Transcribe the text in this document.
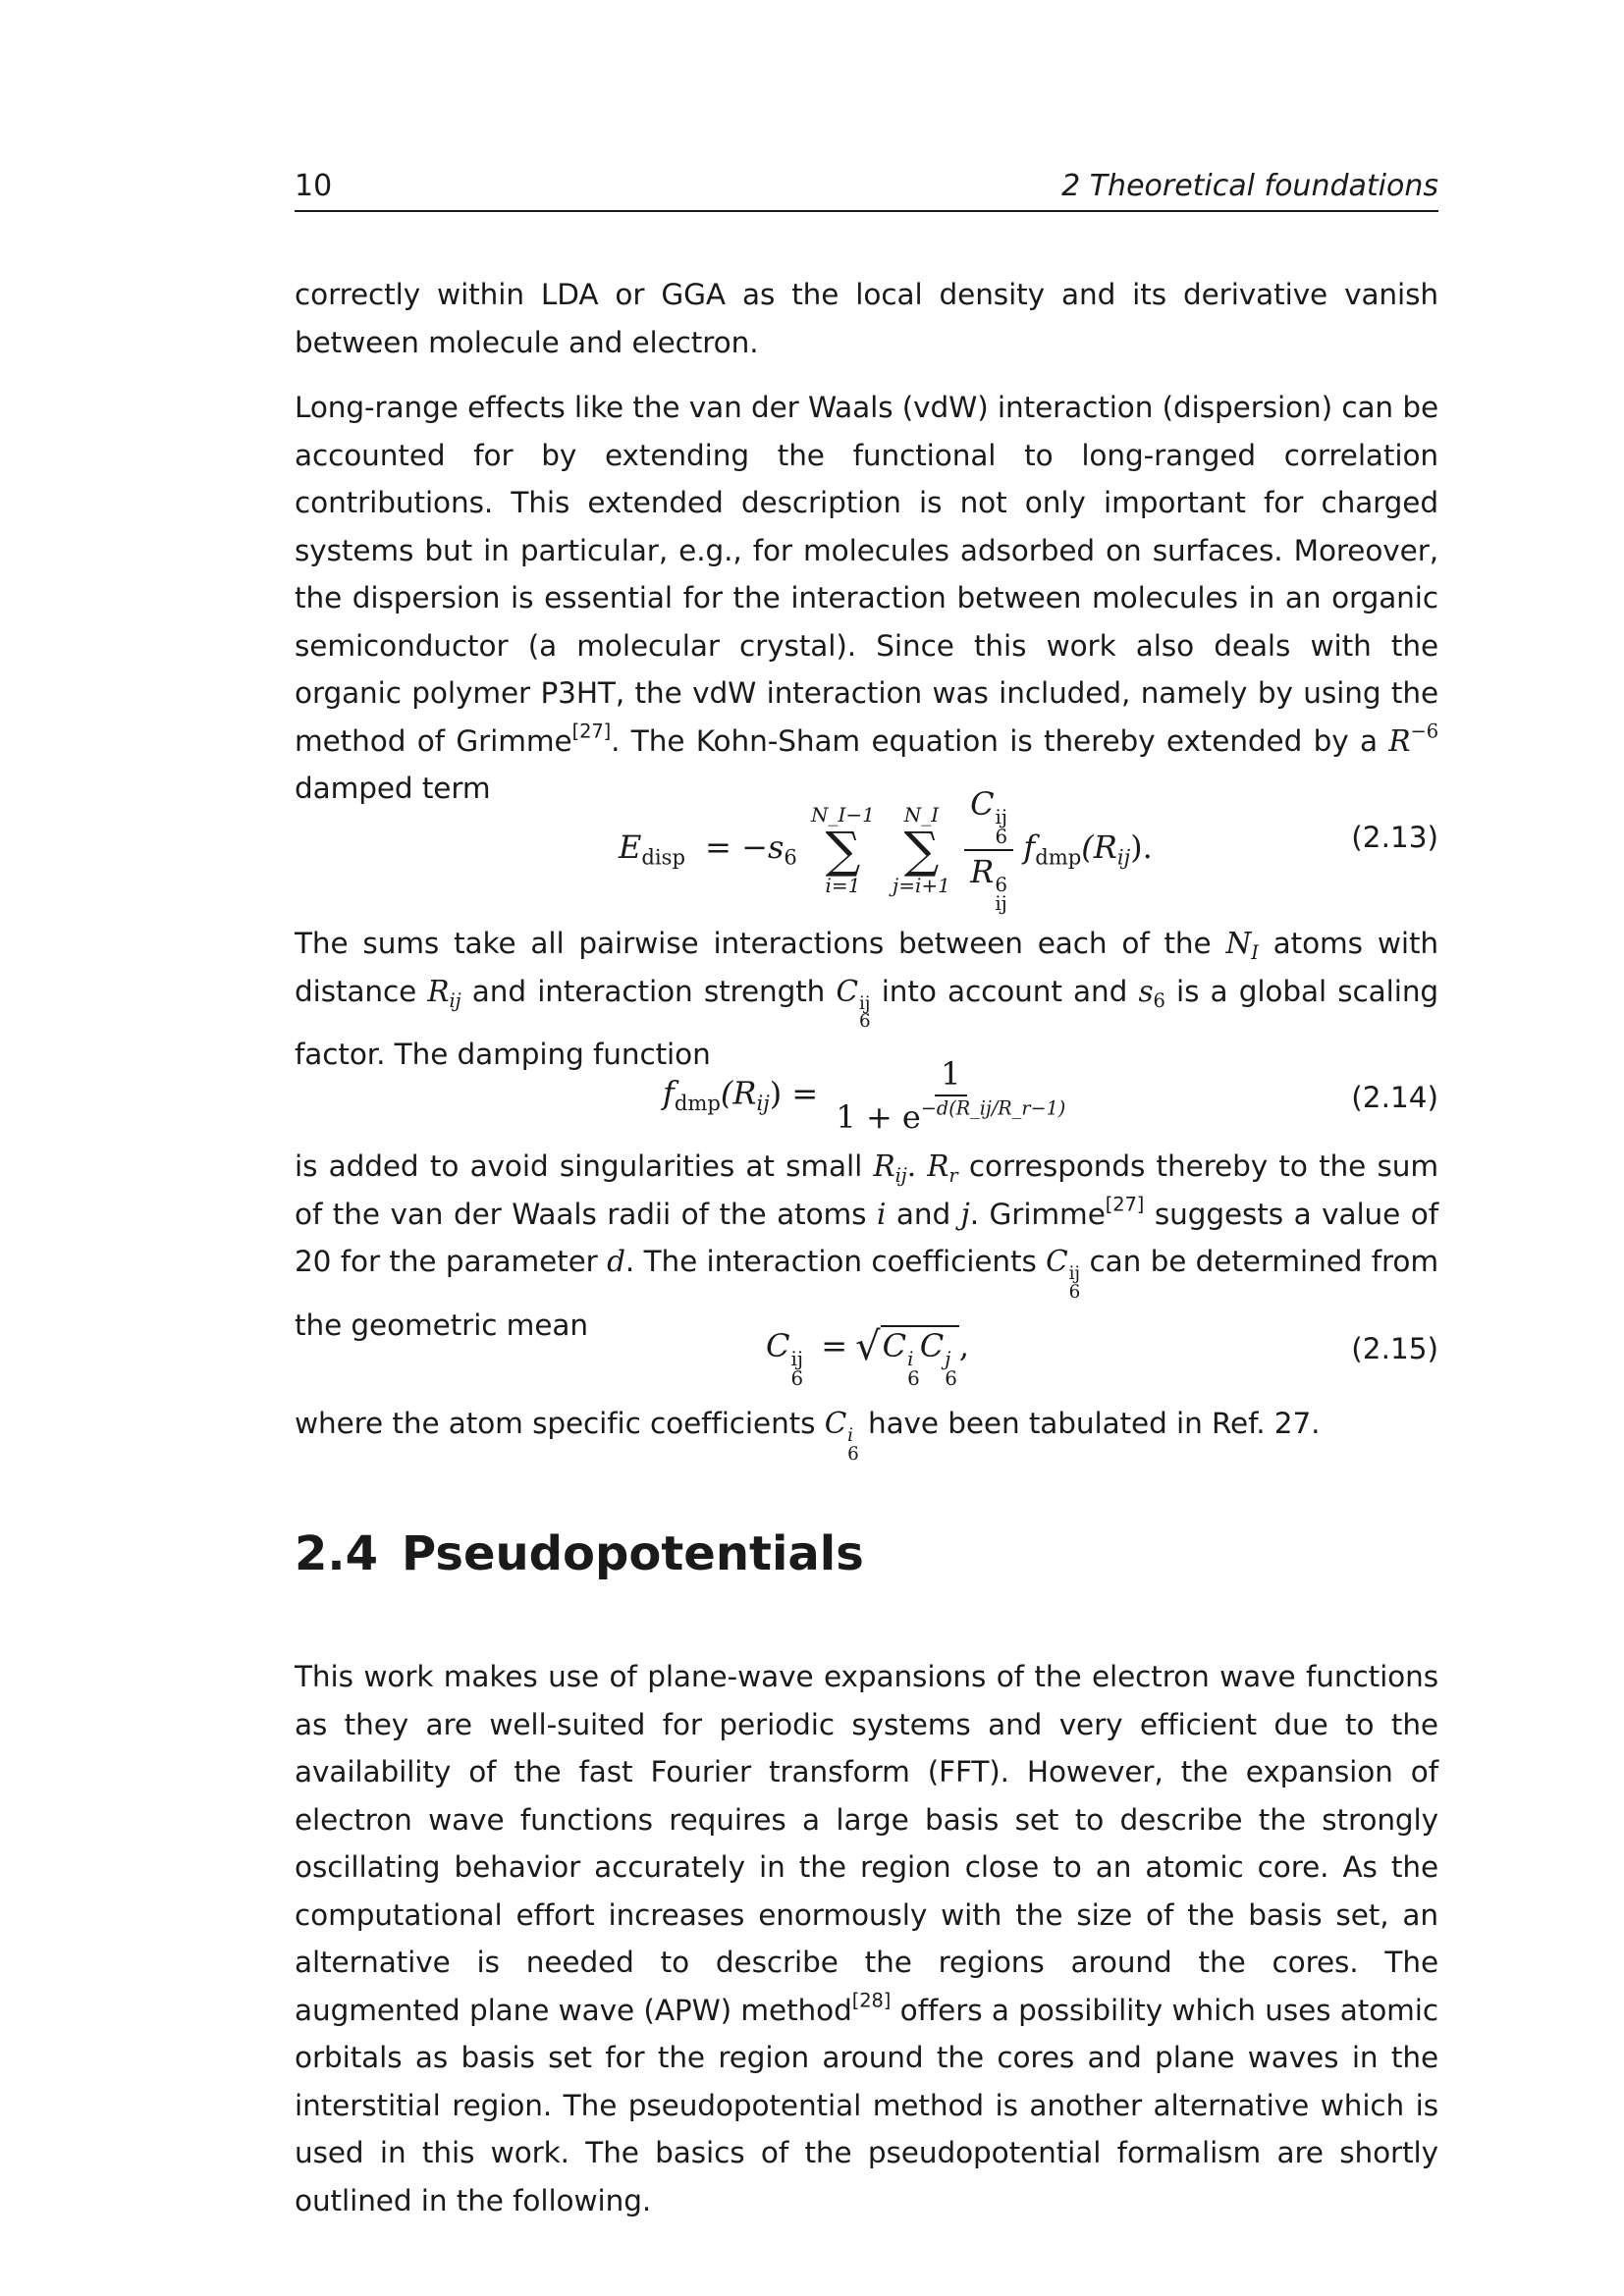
10	2 Theoretical foundations

correctly within LDA or GGA as the local density and its derivative vanish between molecule and electron.

Long-range effects like the van der Waals (vdW) interaction (dispersion) can be accounted for by extending the functional to long-ranged correlation contributions. This extended description is not only important for charged systems but in particular, e.g., for molecules adsorbed on surfaces. Moreover, the dispersion is essential for the interaction between molecules in an organic semiconductor (a molecular crystal). Since this work also deals with the organic polymer P3HT, the vdW interaction was included, namely by using the method of Grimme[27]. The Kohn-Sham equation is thereby extended by a $R^{-6}$ damped term

$E_{disp} = -s_6$
N_I−1
∑
i=1

N_I
∑
j=i+1
C ij
6
R 6
ij $f_{dmp}(R_{ij})$.	(2.13)

The sums take all pairwise interactions between each of the $N_I$ atoms with distance $R_{ij}$ and interaction strength C ij
6
into account and $s_6$ is a global scaling factor. The damping function

$f_{dmp}(R_{ij}) = \frac{1}{1 + e^{-d(R\_ij/R\_r-1)}}$	(2.14)

is added to avoid singularities at small $R_{ij}$. $R_r$ corresponds thereby to the sum of the van der Waals radii of the atoms i and j. Grimme[27] suggests a value of 20 for the parameter d. The interaction coefficients C ij
6
can be determined from the geometric mean

C ij
6
= √C i
6
C j
6
,	(2.15)

where the atom specific coefficients C i
6
have been tabulated in Ref. 27.

2.4 Pseudopotentials

This work makes use of plane-wave expansions of the electron wave functions as they are well-suited for periodic systems and very efficient due to the availability of the fast Fourier transform (FFT). However, the expansion of electron wave functions requires a large basis set to describe the strongly oscillating behavior accurately in the region close to an atomic core. As the computational effort increases enormously with the size of the basis set, an alternative is needed to describe the regions around the cores. The augmented plane wave (APW) method[28] offers a possibility which uses atomic orbitals as basis set for the region around the cores and plane waves in the interstitial region. The pseudopotential method is another alternative which is used in this work. The basics of the pseudopotential formalism are shortly outlined in the following.
